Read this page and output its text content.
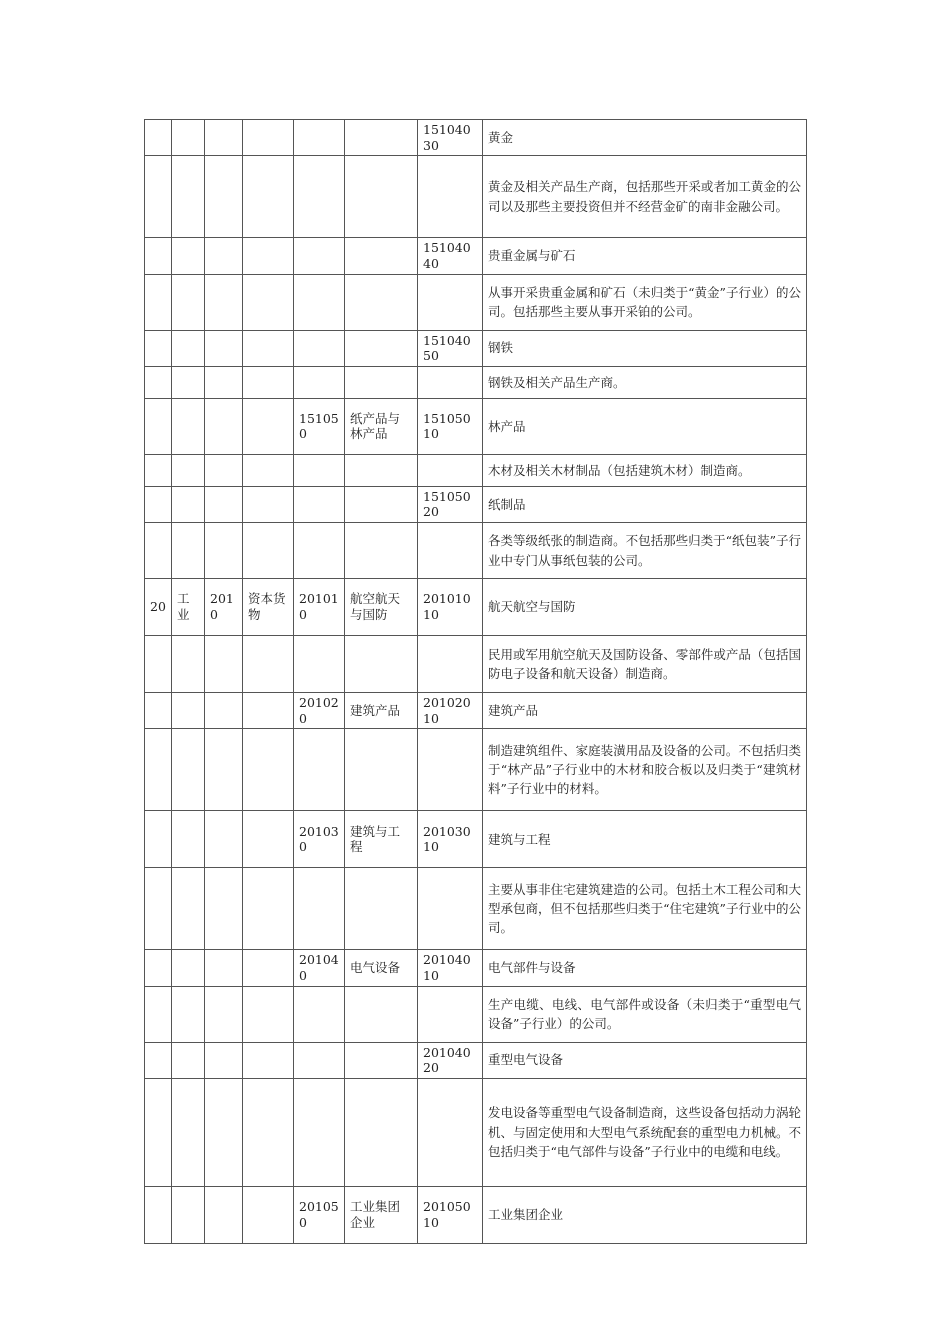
						15104030	黄金
							黄金及相关产品生产商，包括那些开采或者加工黄金的公司以及那些主要投资但并不经营金矿的南非金融公司。
						15104040	贵重金属与矿石
							从事开采贵重金属和矿石（未归类于“黄金”子行业）的公司。包括那些主要从事开采铂的公司。
						15104050	钢铁
							钢铁及相关产品生产商。
				151050	纸产品与林产品	15105010	林产品
							木材及相关木材制品（包括建筑木材）制造商。
						15105020	纸制品
							各类等级纸张的制造商。不包括那些归类于“纸包装”子行业中专门从事纸包装的公司。
20	工业	2010	资本货物	201010	航空航天与国防	20101010	航天航空与国防
							民用或军用航空航天及国防设备、零部件或产品（包括国防电子设备和航天设备）制造商。
				201020	建筑产品	20102010	建筑产品
							制造建筑组件、家庭装潢用品及设备的公司。不包括归类于“林产品”子行业中的木材和胶合板以及归类于“建筑材料”子行业中的材料。
				201030	建筑与工程	20103010	建筑与工程
							主要从事非住宅建筑建造的公司。包括土木工程公司和大型承包商，但不包括那些归类于“住宅建筑”子行业中的公司。
				201040	电气设备	20104010	电气部件与设备
							生产电缆、电线、电气部件或设备（未归类于“重型电气设备”子行业）的公司。
						20104020	重型电气设备
							发电设备等重型电气设备制造商，这些设备包括动力涡轮机、与固定使用和大型电气系统配套的重型电力机械。不包括归类于“电气部件与设备”子行业中的电缆和电线。
				201050	工业集团企业	20105010	工业集团企业
